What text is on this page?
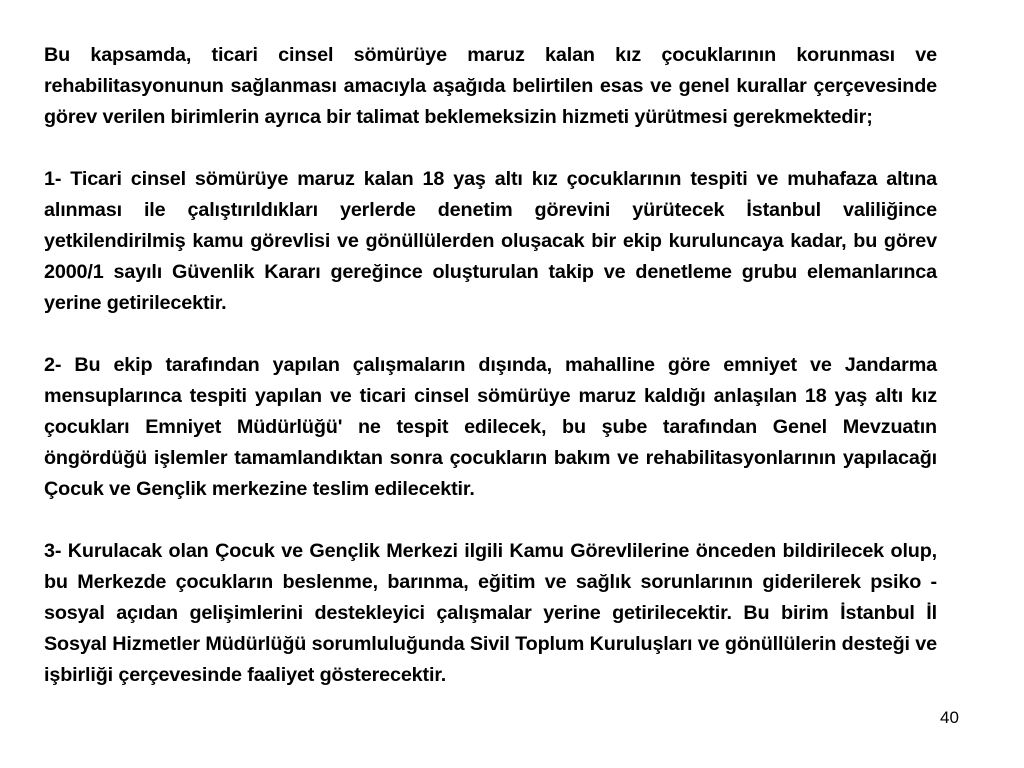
Bu kapsamda, ticari cinsel sömürüye maruz kalan kız çocuklarının korunması ve rehabilitasyonunun sağlanması amacıyla aşağıda belirtilen esas ve genel kurallar çerçevesinde görev verilen birimlerin ayrıca bir talimat beklemeksizin hizmeti yürütmesi gerekmektedir;

1- Ticari cinsel sömürüye maruz kalan 18 yaş altı kız çocuklarının tespiti ve muhafaza altına alınması ile çalıştırıldıkları yerlerde denetim görevini yürütecek İstanbul valiliğince yetkilendirilmiş kamu görevlisi ve gönüllülerden oluşacak bir ekip kuruluncaya kadar, bu görev 2000/1 sayılı Güvenlik Kararı gereğince oluşturulan takip ve denetleme grubu elemanlarınca yerine getirilecektir.

2- Bu ekip tarafından yapılan çalışmaların dışında, mahalline göre emniyet ve Jandarma mensuplarınca tespiti yapılan ve ticari cinsel sömürüye maruz kaldığı anlaşılan 18 yaş altı kız çocukları Emniyet Müdürlüğü' ne tespit edilecek, bu şube tarafından Genel Mevzuatın öngördüğü işlemler tamamlandıktan sonra çocukların bakım ve rehabilitasyonlarının yapılacağı Çocuk ve Gençlik merkezine teslim edilecektir.

3- Kurulacak olan Çocuk ve Gençlik Merkezi ilgili Kamu Görevlilerine önceden bildirilecek olup, bu Merkezde çocukların beslenme, barınma, eğitim ve sağlık sorunlarının giderilerek psiko - sosyal açıdan gelişimlerini destekleyici çalışmalar yerine getirilecektir. Bu birim İstanbul İl Sosyal Hizmetler Müdürlüğü sorumluluğunda Sivil Toplum Kuruluşları ve gönüllülerin desteği ve işbirliği çerçevesinde faaliyet gösterecektir.

40
